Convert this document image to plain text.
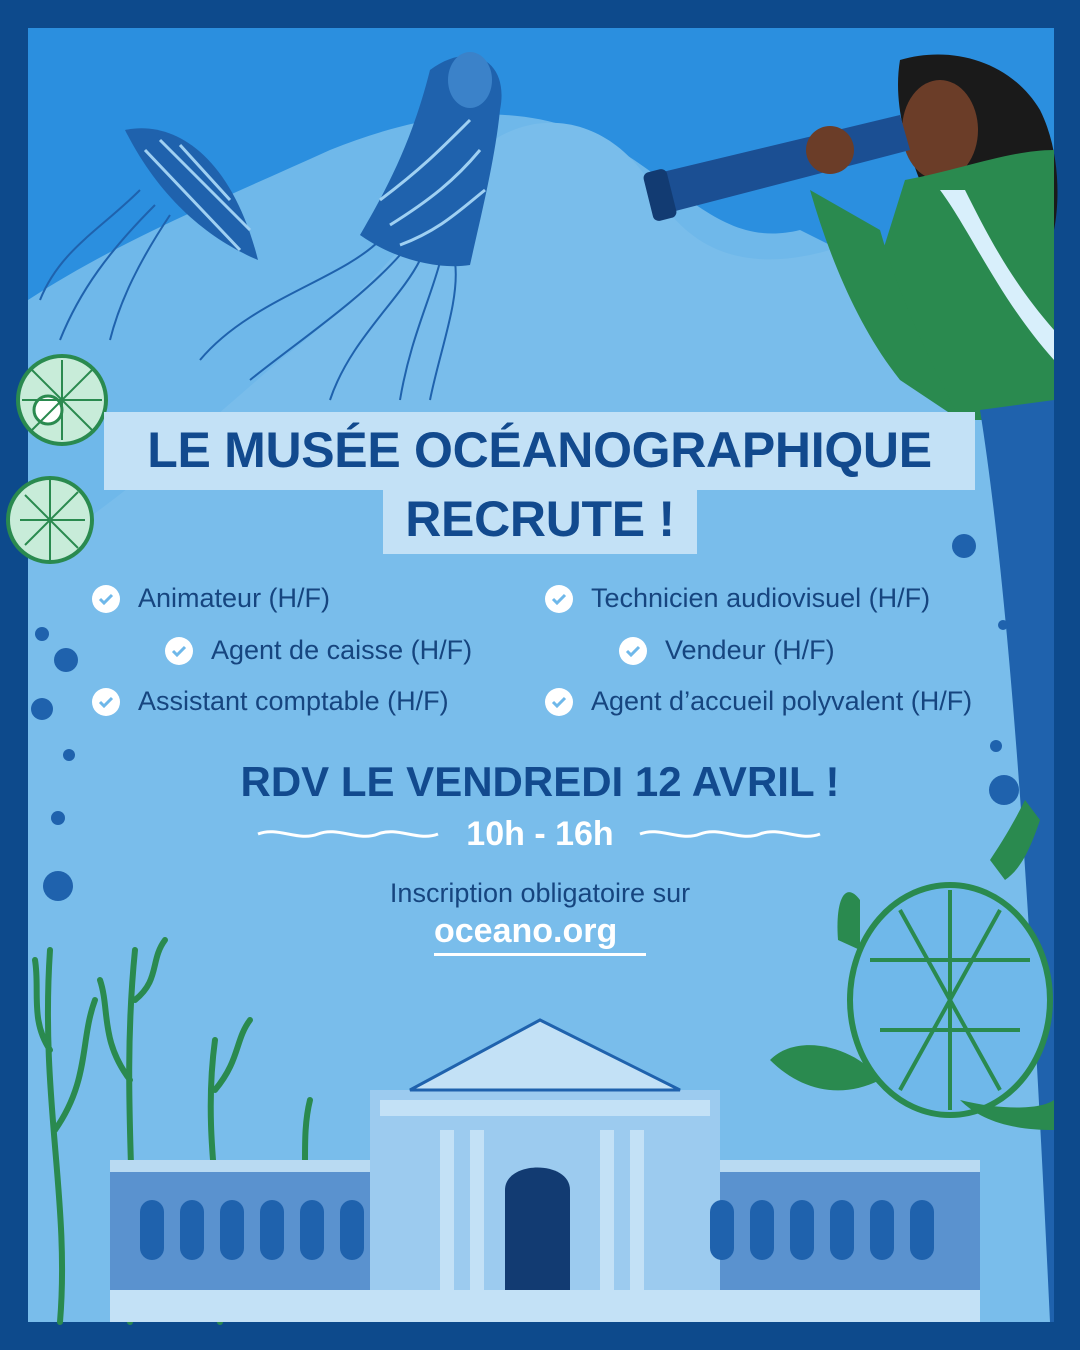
LE MUSÉE OCÉANOGRAPHIQUE
RECRUTE !
Animateur (H/F)	Technicien audiovisuel (H/F)
Agent de caisse (H/F)	Vendeur (H/F)
Assistant comptable (H/F)	Agent d’accueil polyvalent (H/F)
RDV LE VENDREDI 12 AVRIL !
10h - 16h
Inscription obligatoire sur
oceano.org
